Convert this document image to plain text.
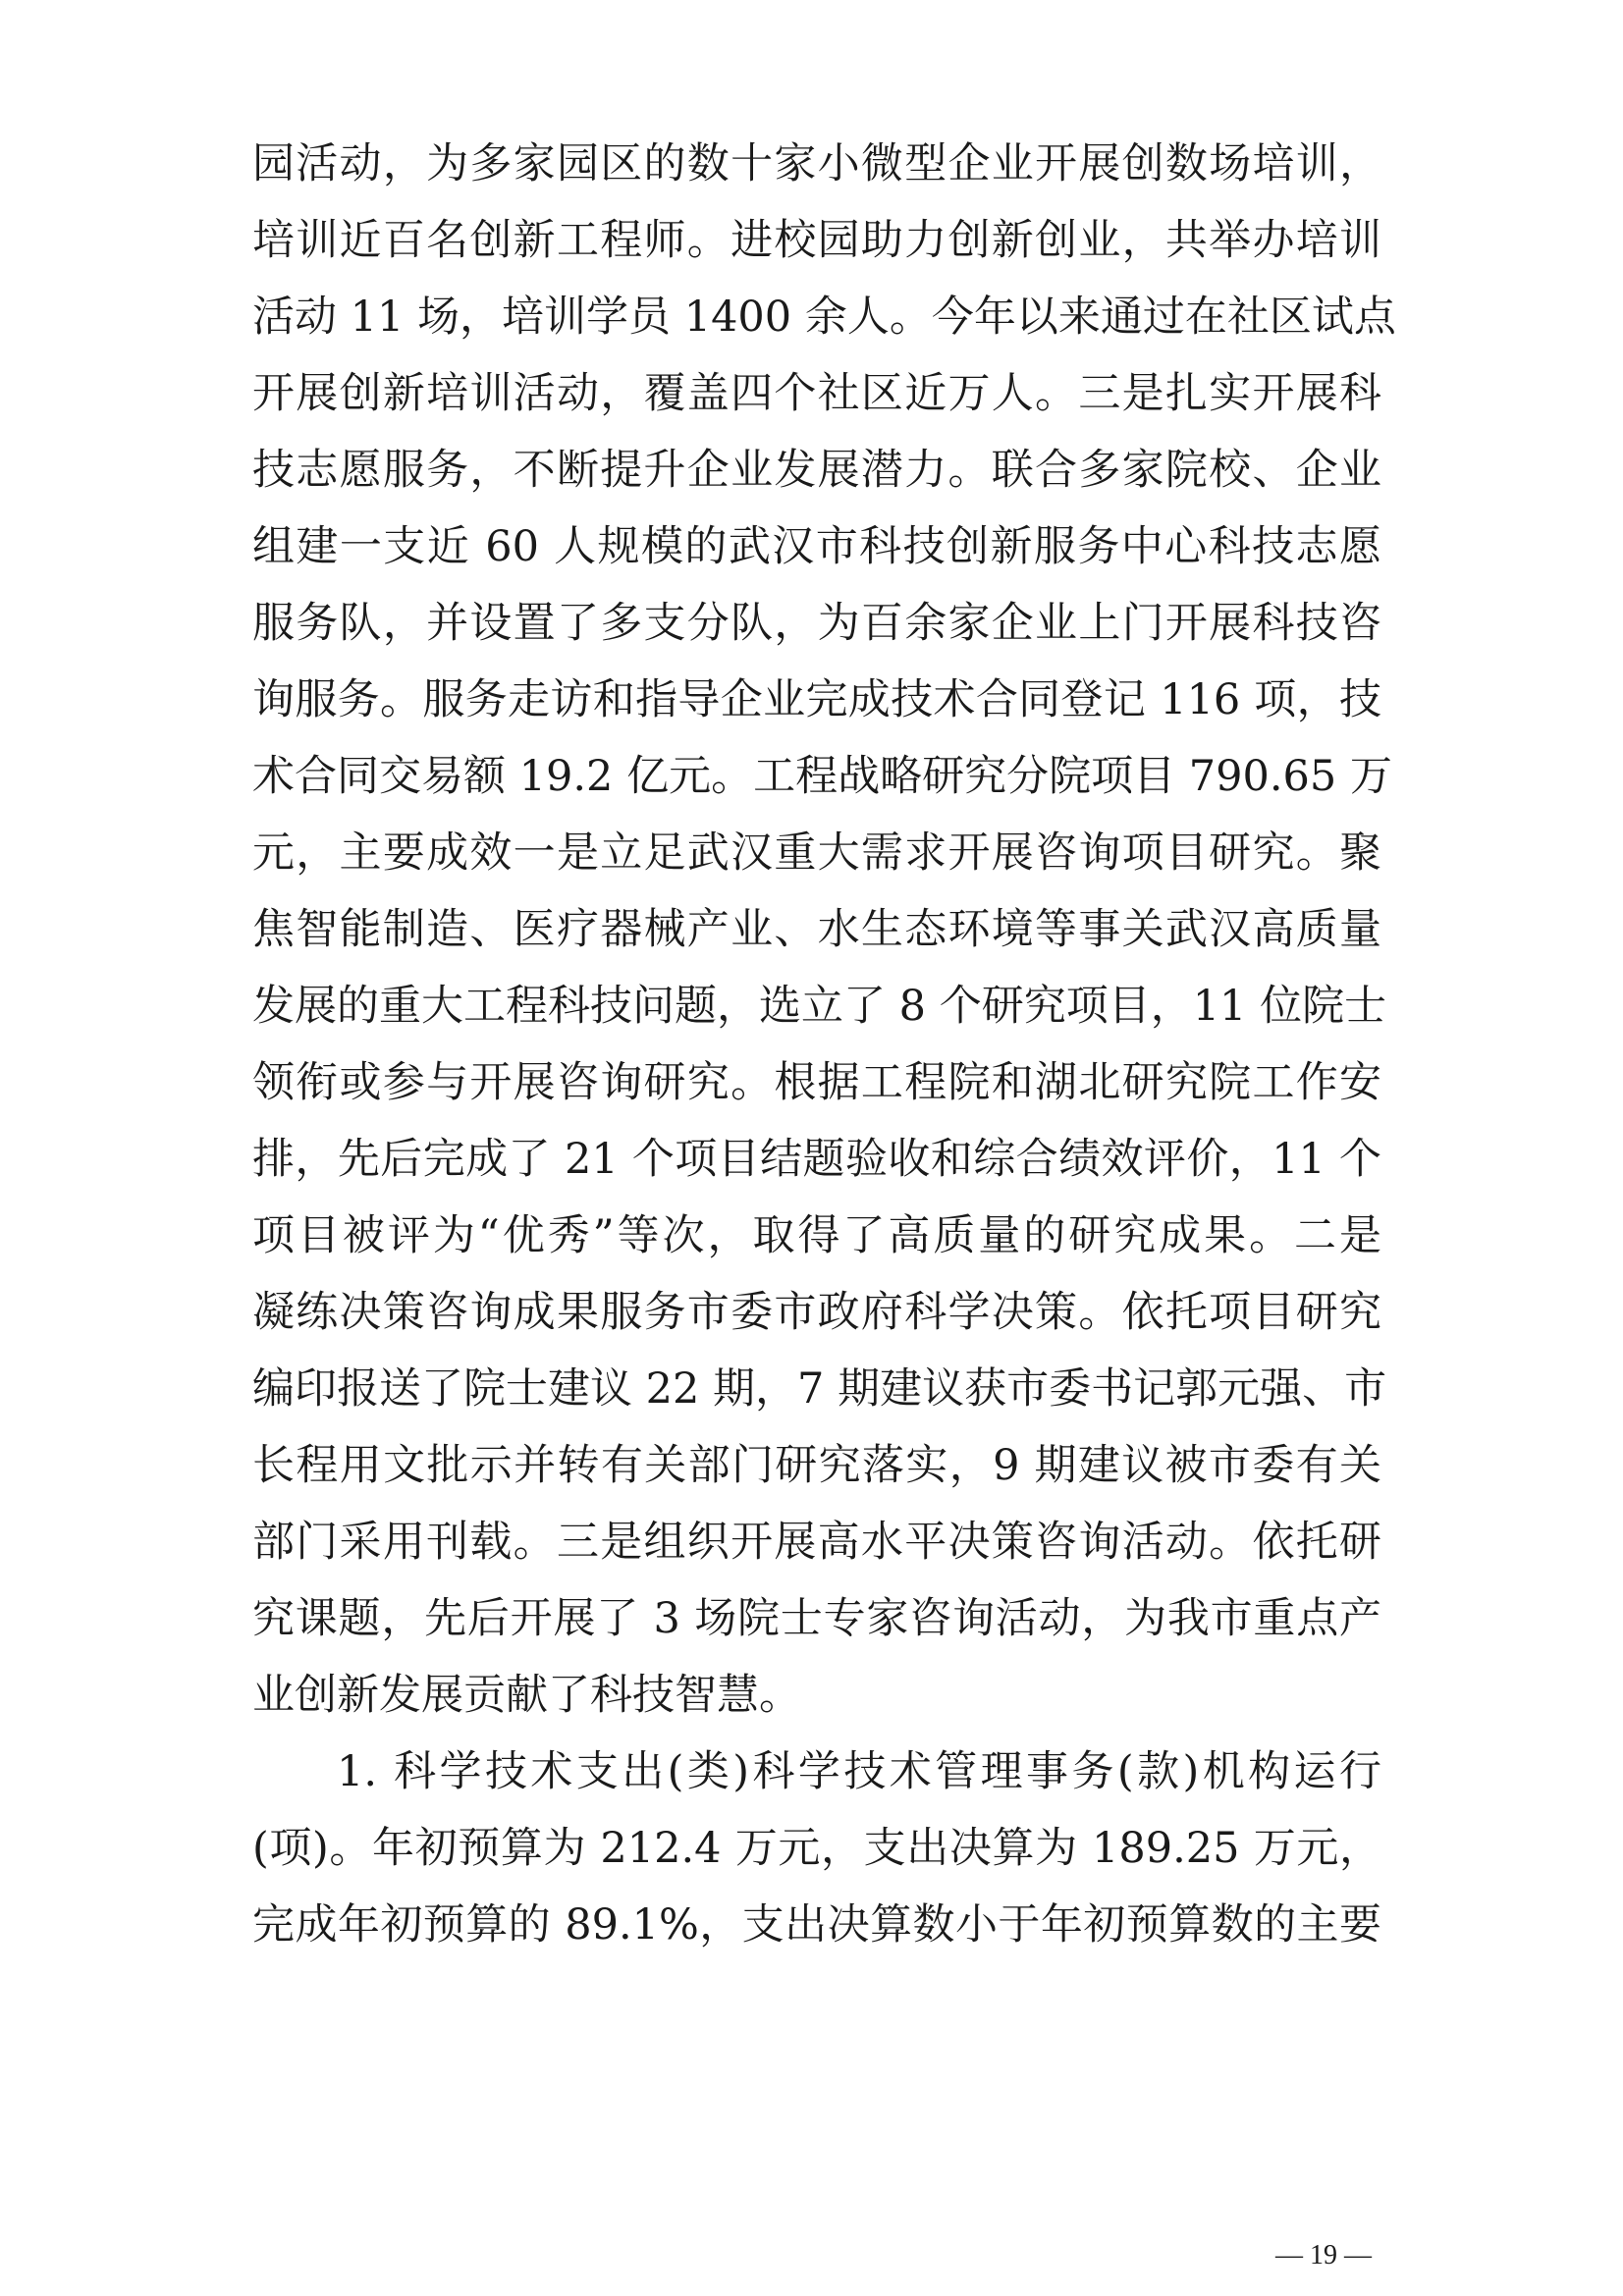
园活动，为多家园区的数十家小微型企业开展创数场培训，
培训近百名创新工程师。进校园助力创新创业，共举办培训
活动 11 场，培训学员 1400 余人。今年以来通过在社区试点
开展创新培训活动，覆盖四个社区近万人。三是扎实开展科
技志愿服务，不断提升企业发展潜力。联合多家院校、企业
组建一支近 60 人规模的武汉市科技创新服务中心科技志愿
服务队，并设置了多支分队，为百余家企业上门开展科技咨
询服务。服务走访和指导企业完成技术合同登记 116 项，技
术合同交易额 19.2 亿元。工程战略研究分院项目 790.65 万
元，主要成效一是立足武汉重大需求开展咨询项目研究。聚
焦智能制造、医疗器械产业、水生态环境等事关武汉高质量
发展的重大工程科技问题，选立了 8 个研究项目，11 位院士
领衔或参与开展咨询研究。根据工程院和湖北研究院工作安
排，先后完成了 21 个项目结题验收和综合绩效评价，11 个
项目被评为“优秀”等次，取得了高质量的研究成果。二是
凝练决策咨询成果服务市委市政府科学决策。依托项目研究
编印报送了院士建议 22 期，7 期建议获市委书记郭元强、市
长程用文批示并转有关部门研究落实，9 期建议被市委有关
部门采用刊载。三是组织开展高水平决策咨询活动。依托研
究课题，先后开展了 3 场院士专家咨询活动，为我市重点产
业创新发展贡献了科技智慧。
1. 科学技术支出(类)科学技术管理事务(款)机构运行
(项)。年初预算为 212.4 万元，支出决算为 189.25 万元，
完成年初预算的 89.1%，支出决算数小于年初预算数的主要
— 19 —
